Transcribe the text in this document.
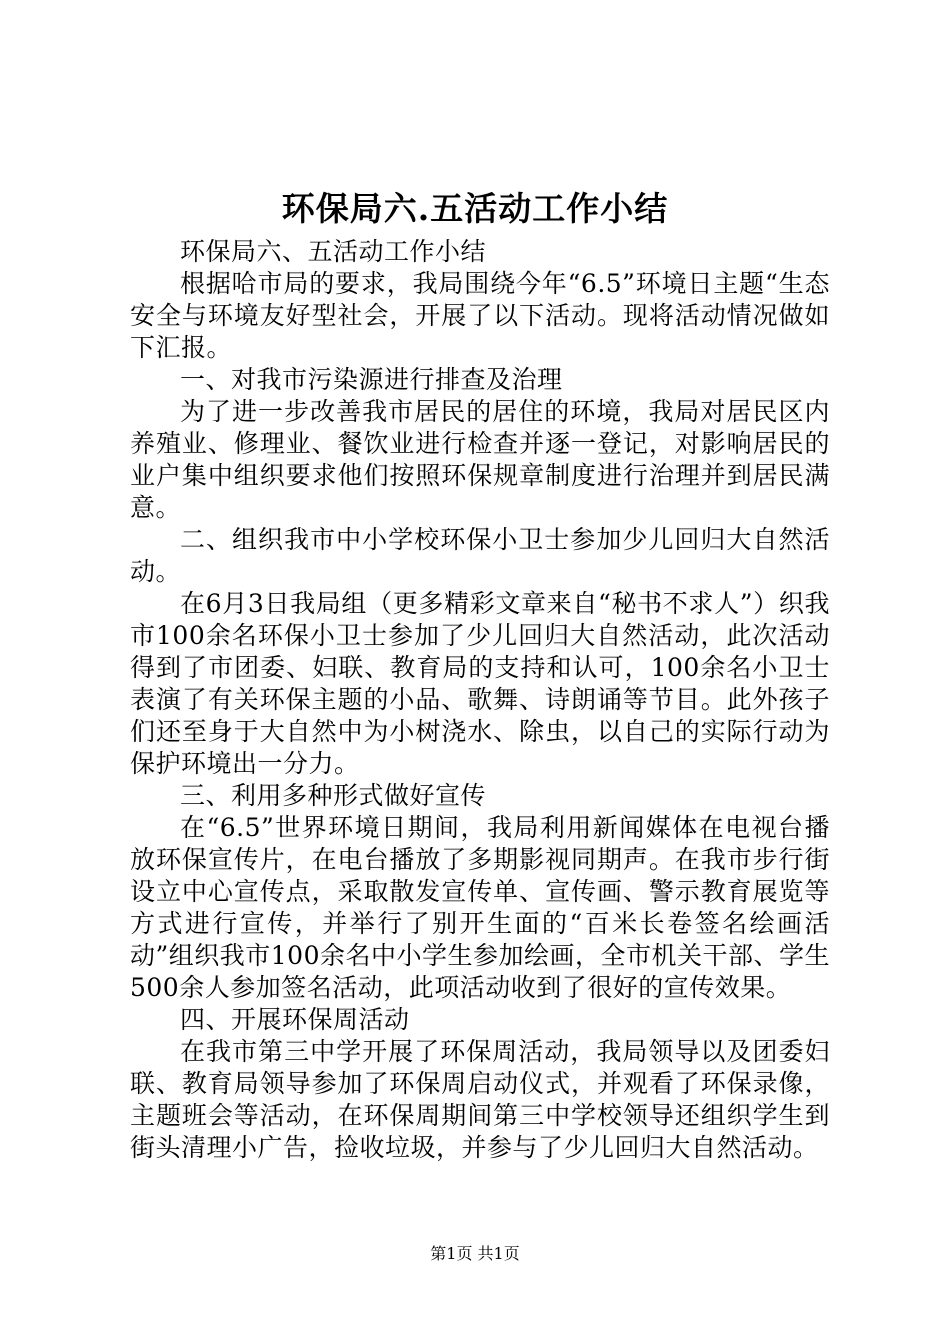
环保局六.五活动工作小结

环保局六、五活动工作小结

根据哈市局的要求，我局围绕今年“6.5”环境日主题“生态安全与环境友好型社会，开展了以下活动。现将活动情况做如下汇报。

一、对我市污染源进行排查及治理

为了进一步改善我市居民的居住的环境，我局对居民区内养殖业、修理业、餐饮业进行检查并逐一登记，对影响居民的业户集中组织要求他们按照环保规章制度进行治理并到居民满意。

二、组织我市中小学校环保小卫士参加少儿回归大自然活动。

在6月3日我局组（更多精彩文章来自“秘书不求人”）织我市100余名环保小卫士参加了少儿回归大自然活动，此次活动得到了市团委、妇联、教育局的支持和认可，100余名小卫士表演了有关环保主题的小品、歌舞、诗朗诵等节目。此外孩子们还至身于大自然中为小树浇水、除虫，以自己的实际行动为保护环境出一分力。

三、利用多种形式做好宣传

在“6.5”世界环境日期间，我局利用新闻媒体在电视台播放环保宣传片，在电台播放了多期影视同期声。在我市步行街设立中心宣传点，采取散发宣传单、宣传画、警示教育展览等方式进行宣传，并举行了别开生面的“百米长卷签名绘画活动”组织我市100余名中小学生参加绘画，全市机关干部、学生500余人参加签名活动，此项活动收到了很好的宣传效果。

四、开展环保周活动

在我市第三中学开展了环保周活动，我局领导以及团委妇联、教育局领导参加了环保周启动仪式，并观看了环保录像，主题班会等活动，在环保周期间第三中学校领导还组织学生到街头清理小广告，捡收垃圾，并参与了少儿回归大自然活动。

第1页 共1页
